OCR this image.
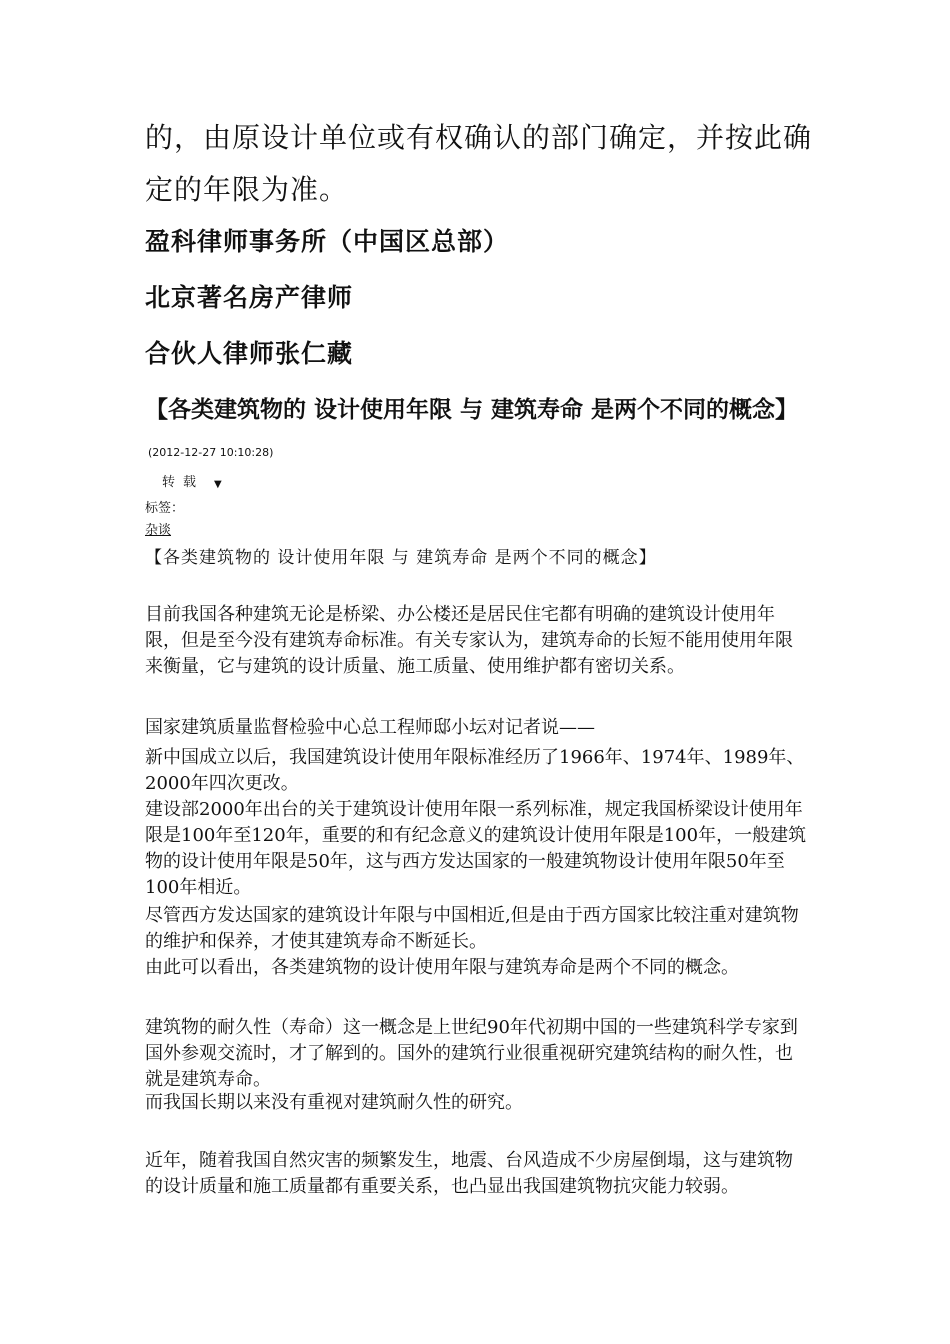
的，由原设计单位或有权确认的部门确定，并按此确定的年限为准。
盈科律师事务所（中国区总部）
北京著名房产律师
合伙人律师张仁藏
【各类建筑物的 设计使用年限 与 建筑寿命 是两个不同的概念】
(2012-12-27 10:10:28)
转载 ▼
标签：
杂谈
【各类建筑物的 设计使用年限 与 建筑寿命 是两个不同的概念】

目前我国各种建筑无论是桥梁、办公楼还是居民住宅都有明确的建筑设计使用年限，但是至今没有建筑寿命标准。有关专家认为，建筑寿命的长短不能用使用年限来衡量，它与建筑的设计质量、施工质量、使用维护都有密切关系。

国家建筑质量监督检验中心总工程师邸小坛对记者说——

新中国成立以后，我国建筑设计使用年限标准经历了1966年、1974年、1989年、2000年四次更改。

建设部2000年出台的关于建筑设计使用年限一系列标准，规定我国桥梁设计使用年限是100年至120年，重要的和有纪念意义的建筑设计使用年限是100年，一般建筑物的设计使用年限是50年，这与西方发达国家的一般建筑物设计使用年限50年至100年相近。

尽管西方发达国家的建筑设计年限与中国相近,但是由于西方国家比较注重对建筑物的维护和保养，才使其建筑寿命不断延长。

由此可以看出，各类建筑物的设计使用年限与建筑寿命是两个不同的概念。

建筑物的耐久性（寿命）这一概念是上世纪90年代初期中国的一些建筑科学专家到国外参观交流时，才了解到的。国外的建筑行业很重视研究建筑结构的耐久性，也就是建筑寿命。

而我国长期以来没有重视对建筑耐久性的研究。

近年，随着我国自然灾害的频繁发生，地震、台风造成不少房屋倒塌，这与建筑物的设计质量和施工质量都有重要关系，也凸显出我国建筑物抗灾能力较弱。
